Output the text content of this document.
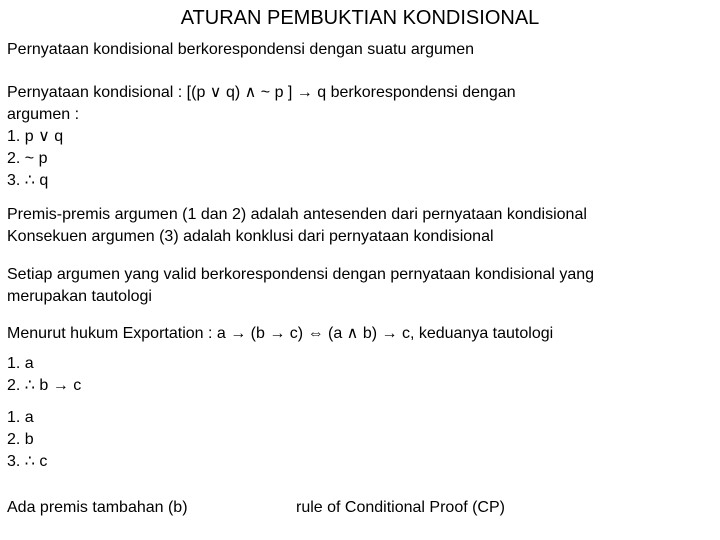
ATURAN PEMBUKTIAN KONDISIONAL
Pernyataan kondisional berkorespondensi dengan suatu argumen
Pernyataan kondisional : [(p ∨ q) ∧ ~ p ] → q berkorespondensi dengan
argumen :
1. p ∨ q
2. ~ p
3. ∴ q
Premis-premis argumen (1 dan 2) adalah antesenden dari pernyataan kondisional
Konsekuen argumen (3) adalah konklusi dari pernyataan kondisional
Setiap argumen yang valid berkorespondensi dengan pernyataan kondisional yang
merupakan tautologi
Menurut hukum Exportation : a → (b → c) ⇔ (a ∧ b) → c, keduanya tautologi
1. a
2. ∴ b → c
1. a
2. b
3. ∴ c
Ada premis tambahan (b)	rule of Conditional Proof (CP)
